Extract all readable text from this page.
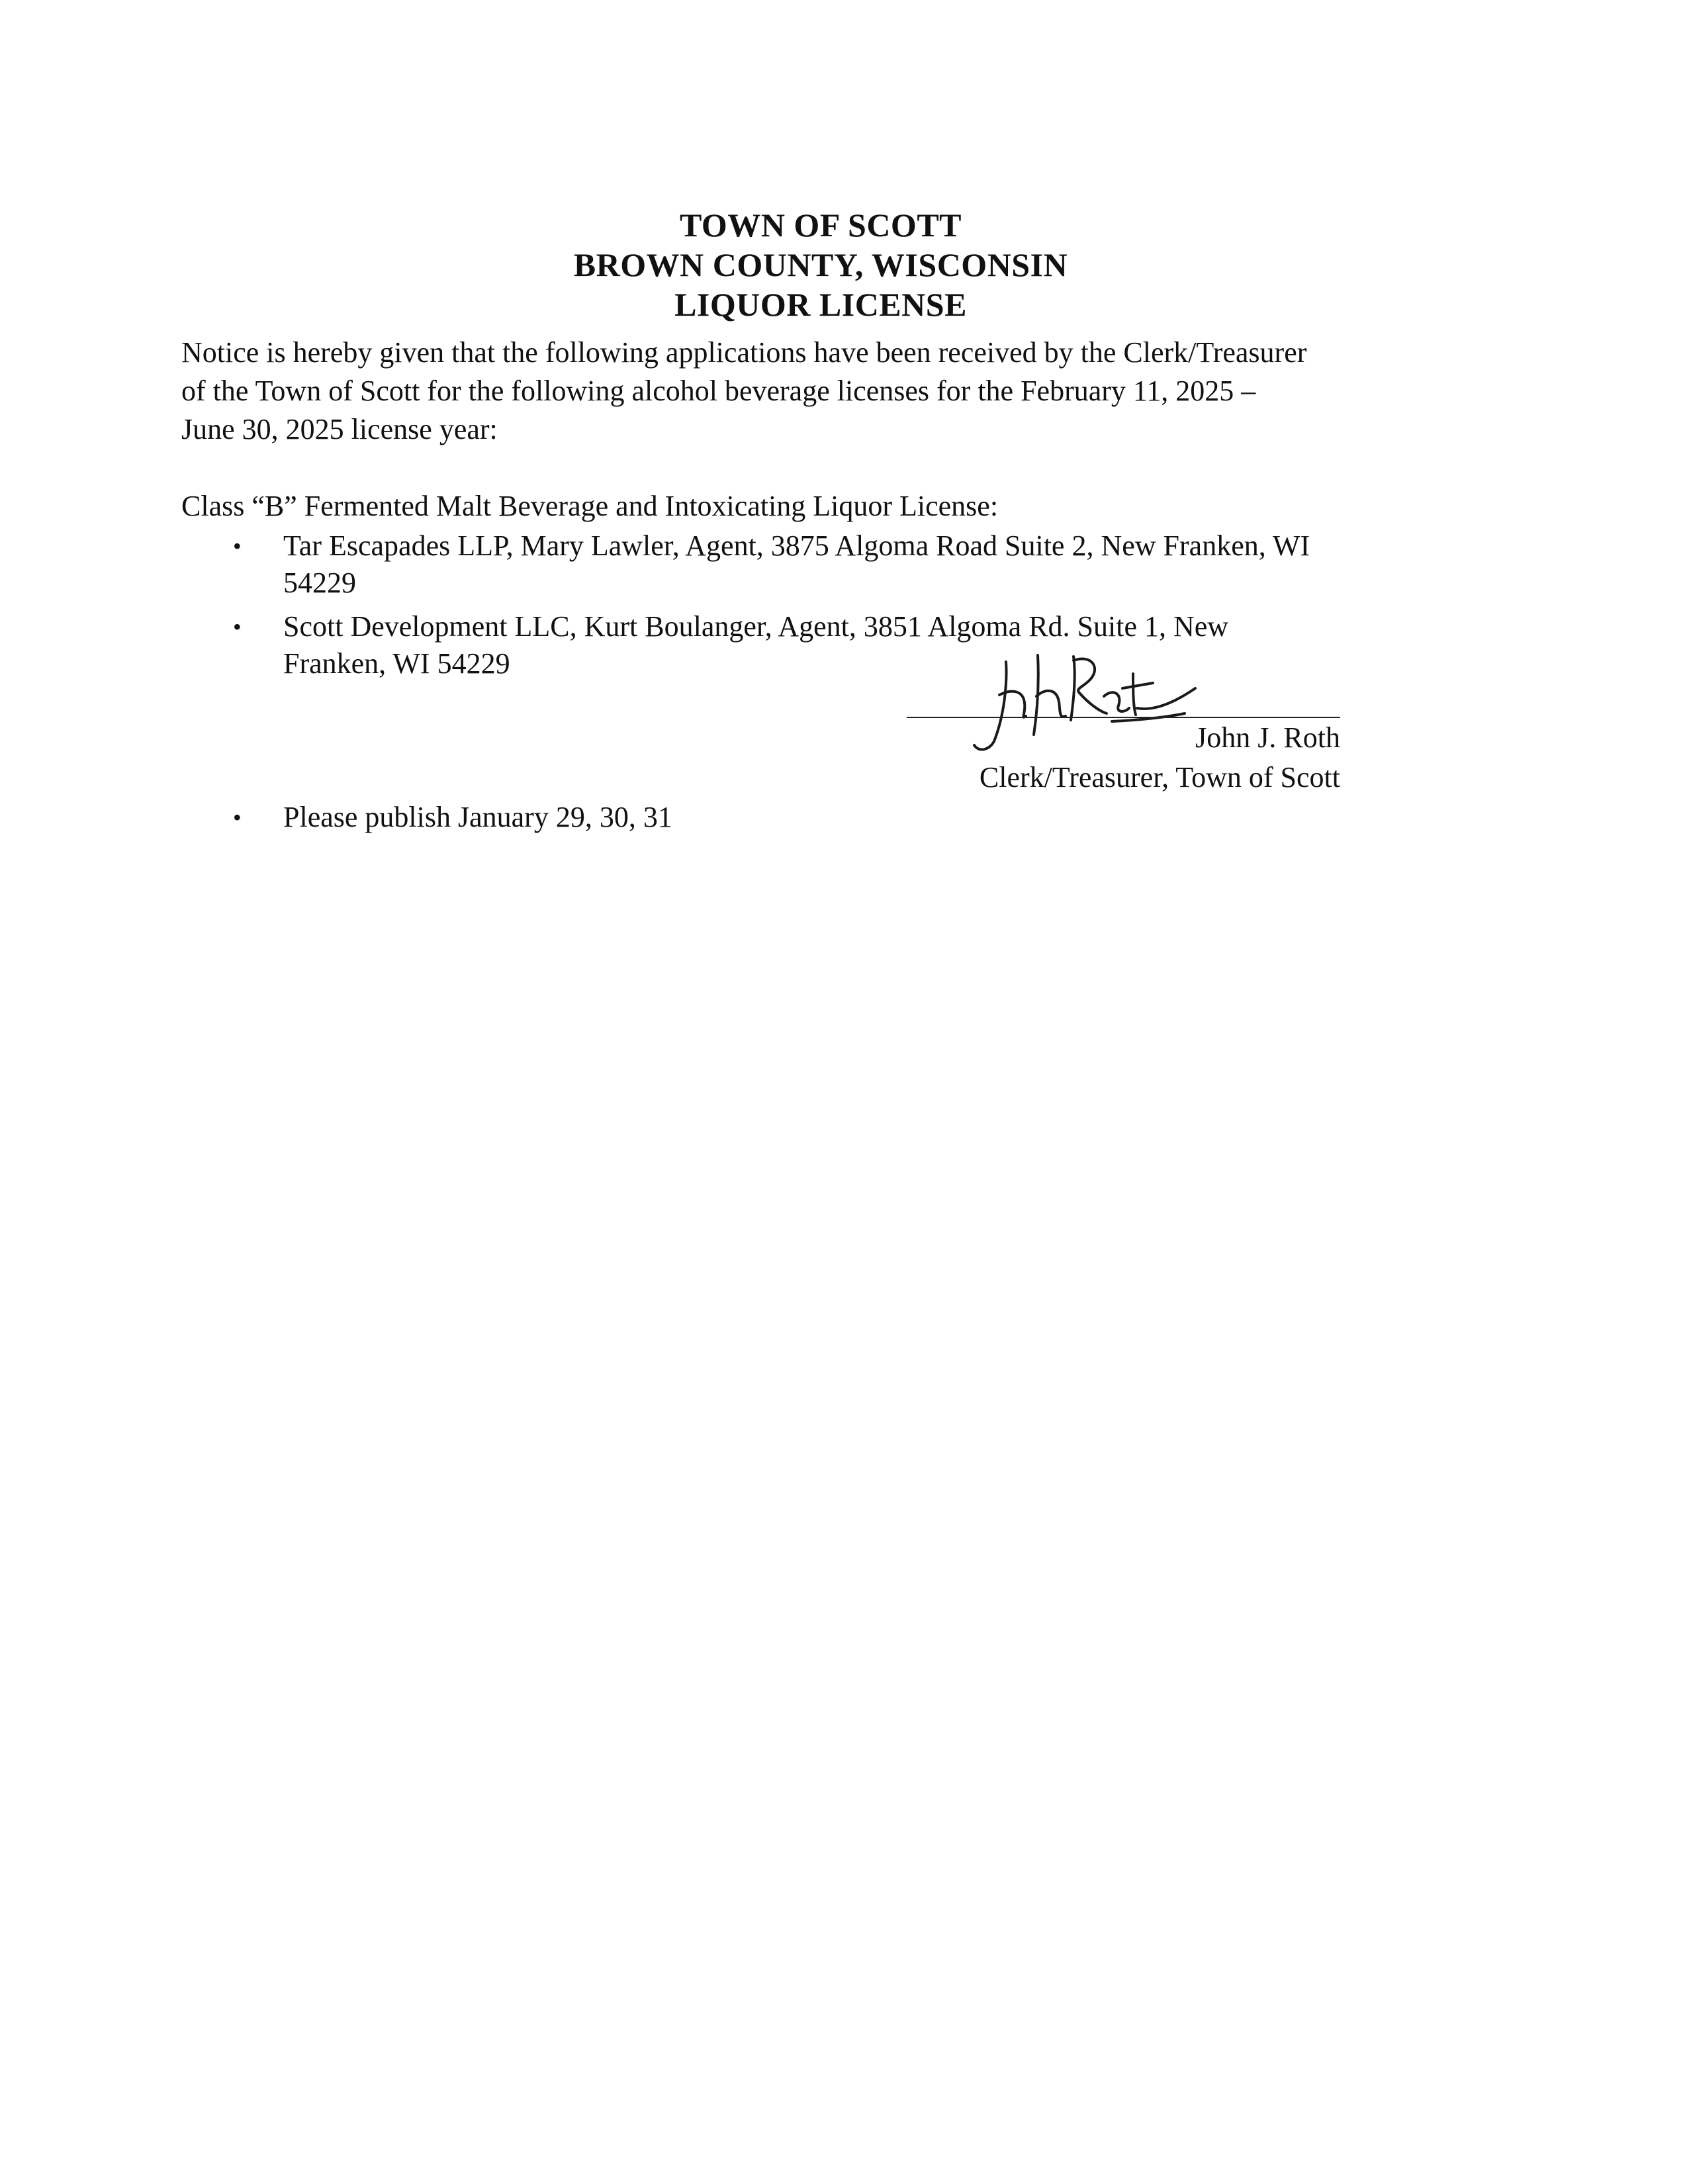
TOWN OF SCOTT
BROWN COUNTY, WISCONSIN
LIQUOR LICENSE
Notice is hereby given that the following applications have been received by the Clerk/Treasurer
of the Town of Scott for the following alcohol beverage licenses for the February 11, 2025 –
June 30, 2025 license year:
Class “B” Fermented Malt Beverage and Intoxicating Liquor License:
• Tar Escapades LLP, Mary Lawler, Agent, 3875 Algoma Road Suite 2, New Franken, WI
54229
• Scott Development LLC, Kurt Boulanger, Agent, 3851 Algoma Rd. Suite 1, New
Franken, WI 54229
John J. Roth
Clerk/Treasurer, Town of Scott
• Please publish January 29, 30, 31
